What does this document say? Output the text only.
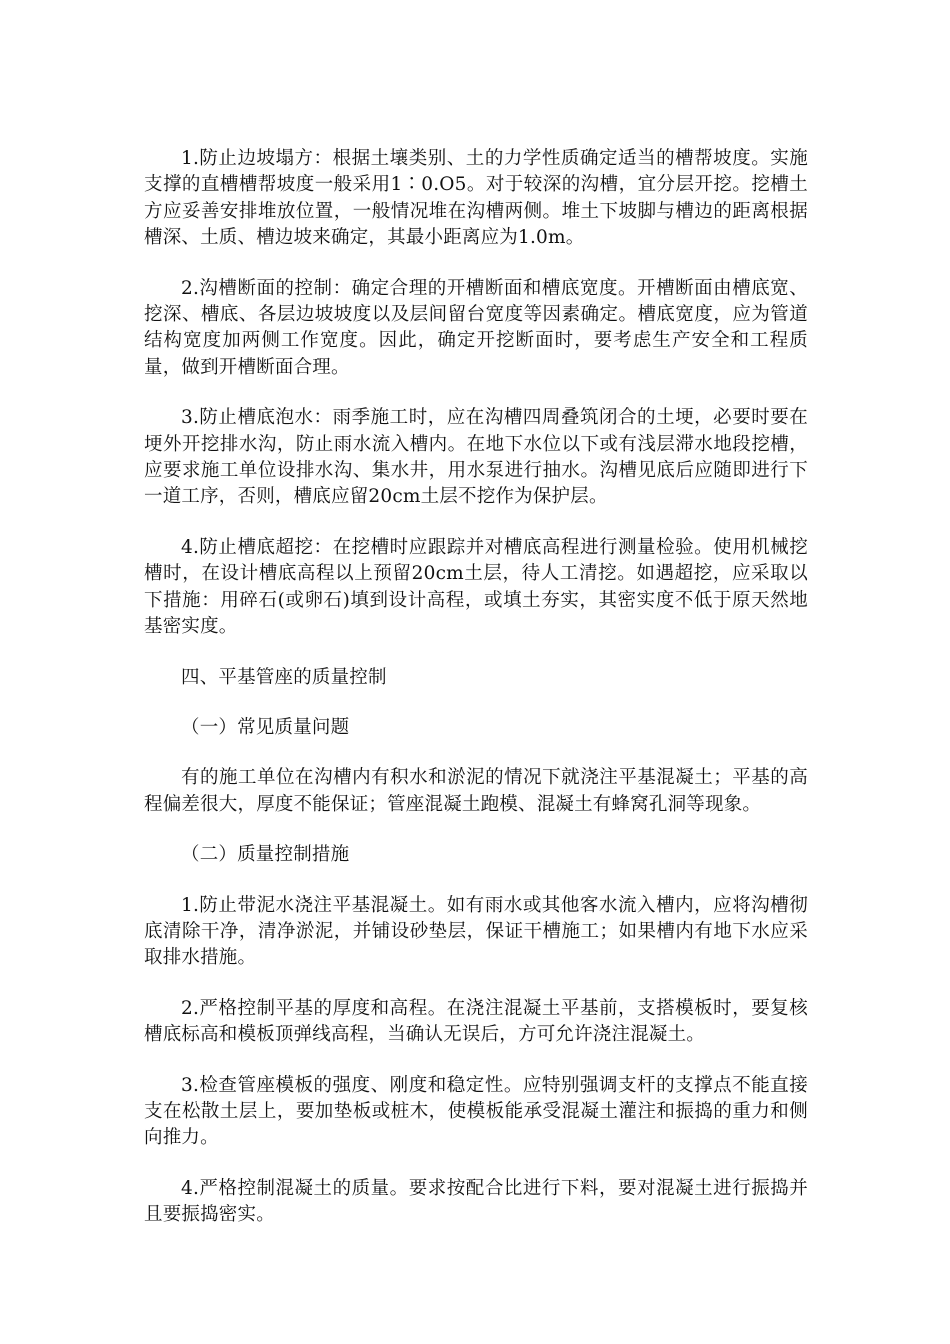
1.防止边坡塌方：根据土壤类别、土的力学性质确定适当的槽帮坡度。实施支撑的直槽槽帮坡度一般采用1∶0.O5。对于较深的沟槽，宜分层开挖。挖槽土方应妥善安排堆放位置，一般情况堆在沟槽两侧。堆土下坡脚与槽边的距离根据槽深、土质、槽边坡来确定，其最小距离应为1.0m。

2.沟槽断面的控制：确定合理的开槽断面和槽底宽度。开槽断面由槽底宽、挖深、槽底、各层边坡坡度以及层间留台宽度等因素确定。槽底宽度，应为管道结构宽度加两侧工作宽度。因此，确定开挖断面时，要考虑生产安全和工程质量，做到开槽断面合理。

3.防止槽底泡水：雨季施工时，应在沟槽四周叠筑闭合的土埂，必要时要在埂外开挖排水沟，防止雨水流入槽内。在地下水位以下或有浅层滞水地段挖槽，应要求施工单位设排水沟、集水井，用水泵进行抽水。沟槽见底后应随即进行下一道工序，否则，槽底应留20cm土层不挖作为保护层。

4.防止槽底超挖：在挖槽时应跟踪并对槽底高程进行测量检验。使用机械挖槽时，在设计槽底高程以上预留20cm土层，待人工清挖。如遇超挖，应采取以下措施：用碎石(或卵石)填到设计高程，或填土夯实，其密实度不低于原天然地基密实度。

四、平基管座的质量控制

（一）常见质量问题

有的施工单位在沟槽内有积水和淤泥的情况下就浇注平基混凝土；平基的高程偏差很大，厚度不能保证；管座混凝土跑模、混凝土有蜂窝孔洞等现象。

（二）质量控制措施

1.防止带泥水浇注平基混凝土。如有雨水或其他客水流入槽内，应将沟槽彻底清除干净，清净淤泥，并铺设砂垫层，保证干槽施工；如果槽内有地下水应采取排水措施。

2.严格控制平基的厚度和高程。在浇注混凝土平基前，支搭模板时，要复核槽底标高和模板顶弹线高程，当确认无误后，方可允许浇注混凝土。

3.检查管座模板的强度、刚度和稳定性。应特别强调支杆的支撑点不能直接支在松散土层上，要加垫板或桩木，使模板能承受混凝土灌注和振捣的重力和侧向推力。

4.严格控制混凝土的质量。要求按配合比进行下料，要对混凝土进行振捣并且要振捣密实。
